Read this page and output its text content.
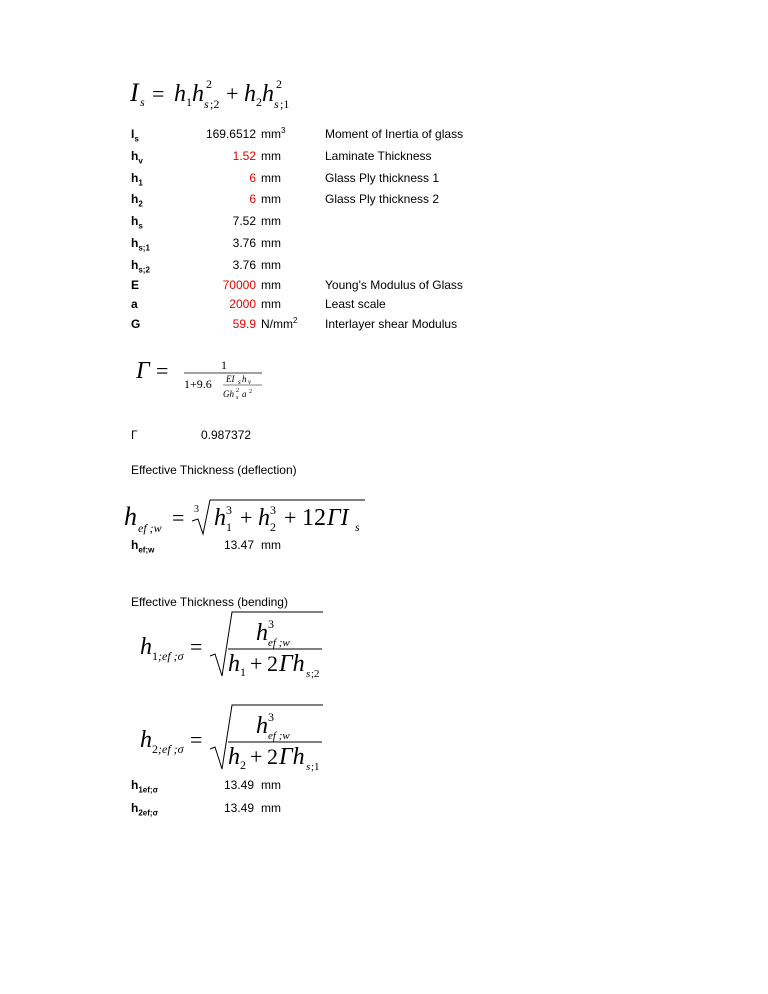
I s = h 1 h s ;2
2 + h 2 h s ;1
2
$I_s$	169.6512 $mm^3$	Moment of Inertia of glass
$h_v$	1.52 mm	Laminate Thickness
$h_1$	6 mm	Glass Ply thickness 1
$h_2$	6 mm	Glass Ply thickness 2
$h_s$	7.52 mm
$h_{s;1}$	3.76 mm
$h_{s;2}$	3.76 mm
E	70000 mm	Young's Modulus of Glass
a	2000 mm	Least scale
G	59.9 $N/mm^2$ Interlayer shear Modulus
Γ =	1
1+9.6 EI s h v
Gh s
2 a 2
Γ	0.987372
Effective Thickness (deflection)
h ef ;w = 3 h 1
3 + h 2
3 + 12 ΓI s
$h_{ef;w}$	13.47 mm
Effective Thickness (bending)
h 1 ;ef ;σ =
h ef ;w
3
h 1 + 2 Γh s ;2
h 2 ;ef ;σ =
h ef ;w
3
h 2 + 2 Γh s ;1
$h_{1ef;\sigma}$	13.49 mm
$h_{2ef;\sigma}$	13.49 mm
